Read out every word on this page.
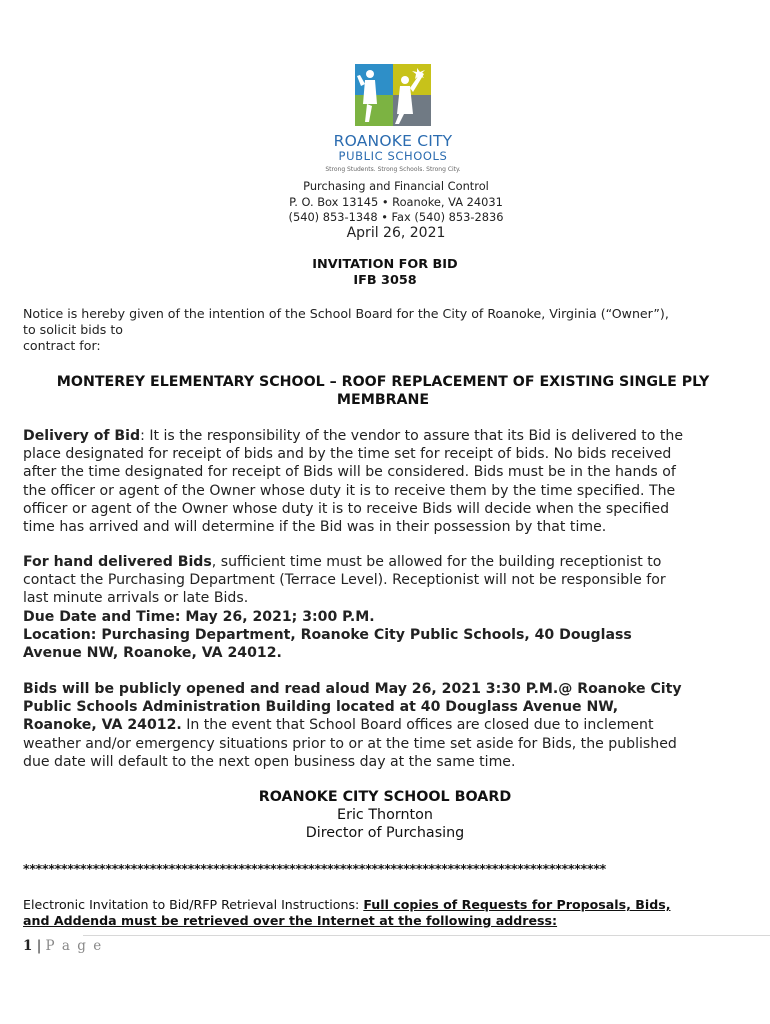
ROANOKE CITY
PUBLIC SCHOOLS
Strong Students. Strong Schools. Strong City.
Purchasing and Financial Control
P. O. Box 13145 • Roanoke, VA 24031
(540) 853-1348 • Fax (540) 853-2836
April 26, 2021
INVITATION FOR BID
IFB 3058
Notice is hereby given of the intention of the School Board for the City of Roanoke, Virginia (“Owner”),
to solicit bids to
contract for:
MONTEREY ELEMENTARY SCHOOL – ROOF REPLACEMENT OF EXISTING SINGLE PLY
MEMBRANE
Delivery of Bid: It is the responsibility of the vendor to assure that its Bid is delivered to the
place designated for receipt of bids and by the time set for receipt of bids. No bids received
after the time designated for receipt of Bids will be considered. Bids must be in the hands of
the officer or agent of the Owner whose duty it is to receive them by the time specified. The
officer or agent of the Owner whose duty it is to receive Bids will decide when the specified
time has arrived and will determine if the Bid was in their possession by that time.
For hand delivered Bids, sufficient time must be allowed for the building receptionist to
contact the Purchasing Department (Terrace Level). Receptionist will not be responsible for
last minute arrivals or late Bids.
Due Date and Time: May 26, 2021; 3:00 P.M.
Location: Purchasing Department, Roanoke City Public Schools, 40 Douglass
Avenue NW, Roanoke, VA 24012.
Bids will be publicly opened and read aloud May 26, 2021 3:30 P.M.@ Roanoke City
Public Schools Administration Building located at 40 Douglass Avenue NW,
Roanoke, VA 24012. In the event that School Board offices are closed due to inclement
weather and/or emergency situations prior to or at the time set aside for Bids, the published
due date will default to the next open business day at the same time.
ROANOKE CITY SCHOOL BOARD
Eric Thornton
Director of Purchasing
********************************************************************************************
Electronic Invitation to Bid/RFP Retrieval Instructions: Full copies of Requests for Proposals, Bids,
and Addenda must be retrieved over the Internet at the following address:
1 | P a g e
